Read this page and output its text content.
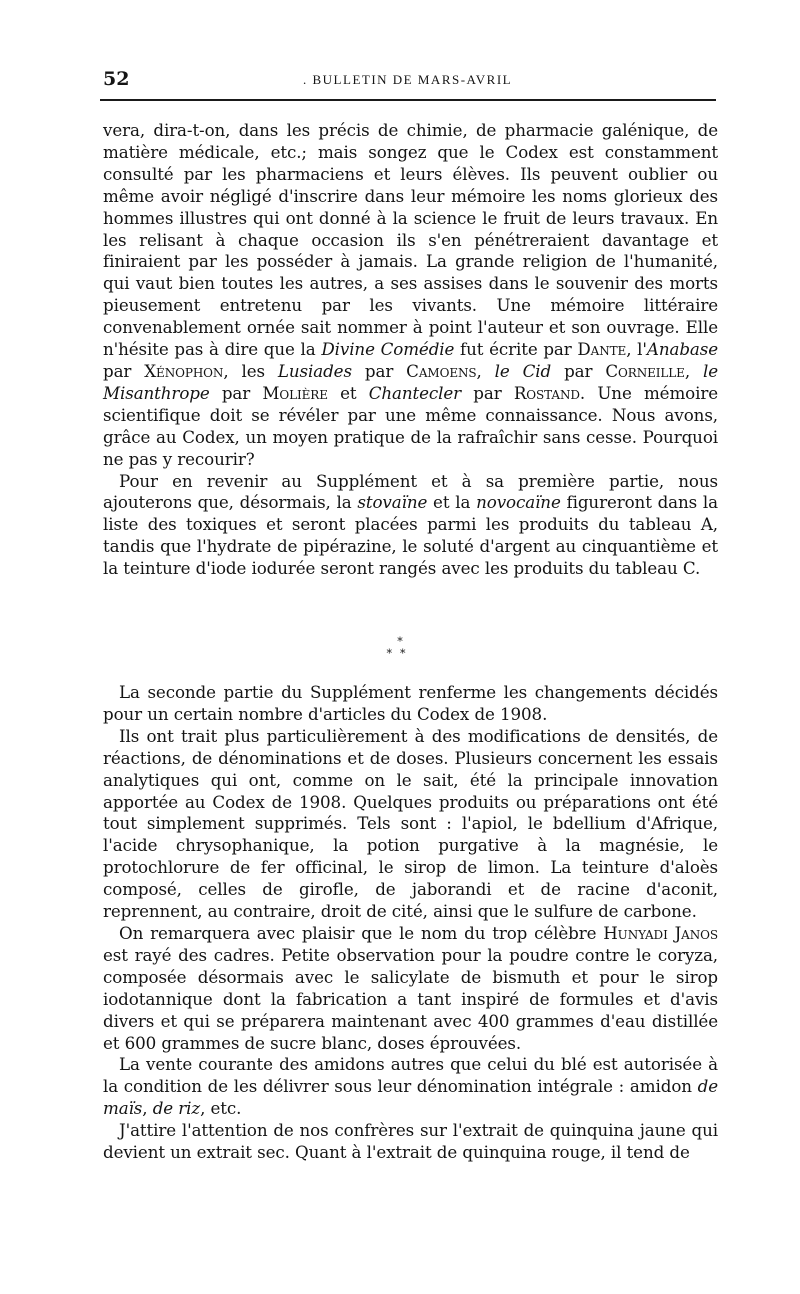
52	. BULLETIN DE MARS-AVRIL

vera, dira-t-on, dans les précis de chimie, de pharmacie galénique, de matière médicale, etc.; mais songez que le Codex est constamment consulté par les pharmaciens et leurs élèves. Ils peuvent oublier ou même avoir négligé d'inscrire dans leur mémoire les noms glorieux des hommes illustres qui ont donné à la science le fruit de leurs travaux. En les relisant à chaque occasion ils s'en pénétreraient davantage et finiraient par les posséder à jamais. La grande religion de l'humanité, qui vaut bien toutes les autres, a ses assises dans le souvenir des morts pieusement entretenu par les vivants. Une mémoire littéraire convenablement ornée sait nommer à point l'auteur et son ouvrage. Elle n'hésite pas à dire que la Divine Comédie fut écrite par Dante, l'Anabase par Xénophon, les Lusiades par Camoens, le Cid par Corneille, le Misanthrope par Molière et Chantecler par Rostand. Une mémoire scientifique doit se révéler par une même connaissance. Nous avons, grâce au Codex, un moyen pratique de la rafraîchir sans cesse. Pourquoi ne pas y recourir?

Pour en revenir au Supplément et à sa première partie, nous ajouterons que, désormais, la stovaïne et la novocaïne figureront dans la liste des toxiques et seront placées parmi les produits du tableau A, tandis que l'hydrate de pipérazine, le soluté d'argent au cinquantième et la teinture d'iode iodurée seront rangés avec les produits du tableau C.

*
**

La seconde partie du Supplément renferme les changements décidés pour un certain nombre d'articles du Codex de 1908.

Ils ont trait plus particulièrement à des modifications de densités, de réactions, de dénominations et de doses. Plusieurs concernent les essais analytiques qui ont, comme on le sait, été la principale innovation apportée au Codex de 1908. Quelques produits ou préparations ont été tout simplement supprimés. Tels sont : l'apiol, le bdellium d'Afrique, l'acide chrysophanique, la potion purgative à la magnésie, le protochlorure de fer officinal, le sirop de limon. La teinture d'aloès composé, celles de girofle, de jaborandi et de racine d'aconit, reprennent, au contraire, droit de cité, ainsi que le sulfure de carbone.

On remarquera avec plaisir que le nom du trop célèbre Hunyadi Janos est rayé des cadres. Petite observation pour la poudre contre le coryza, composée désormais avec le salicylate de bismuth et pour le sirop iodotannique dont la fabrication a tant inspiré de formules et d'avis divers et qui se préparera maintenant avec 400 grammes d'eau distillée et 600 grammes de sucre blanc, doses éprouvées.

La vente courante des amidons autres que celui du blé est autorisée à la condition de les délivrer sous leur dénomination intégrale : amidon de maïs, de riz, etc.

J'attire l'attention de nos confrères sur l'extrait de quinquina jaune qui devient un extrait sec. Quant à l'extrait de quinquina rouge, il tend de
